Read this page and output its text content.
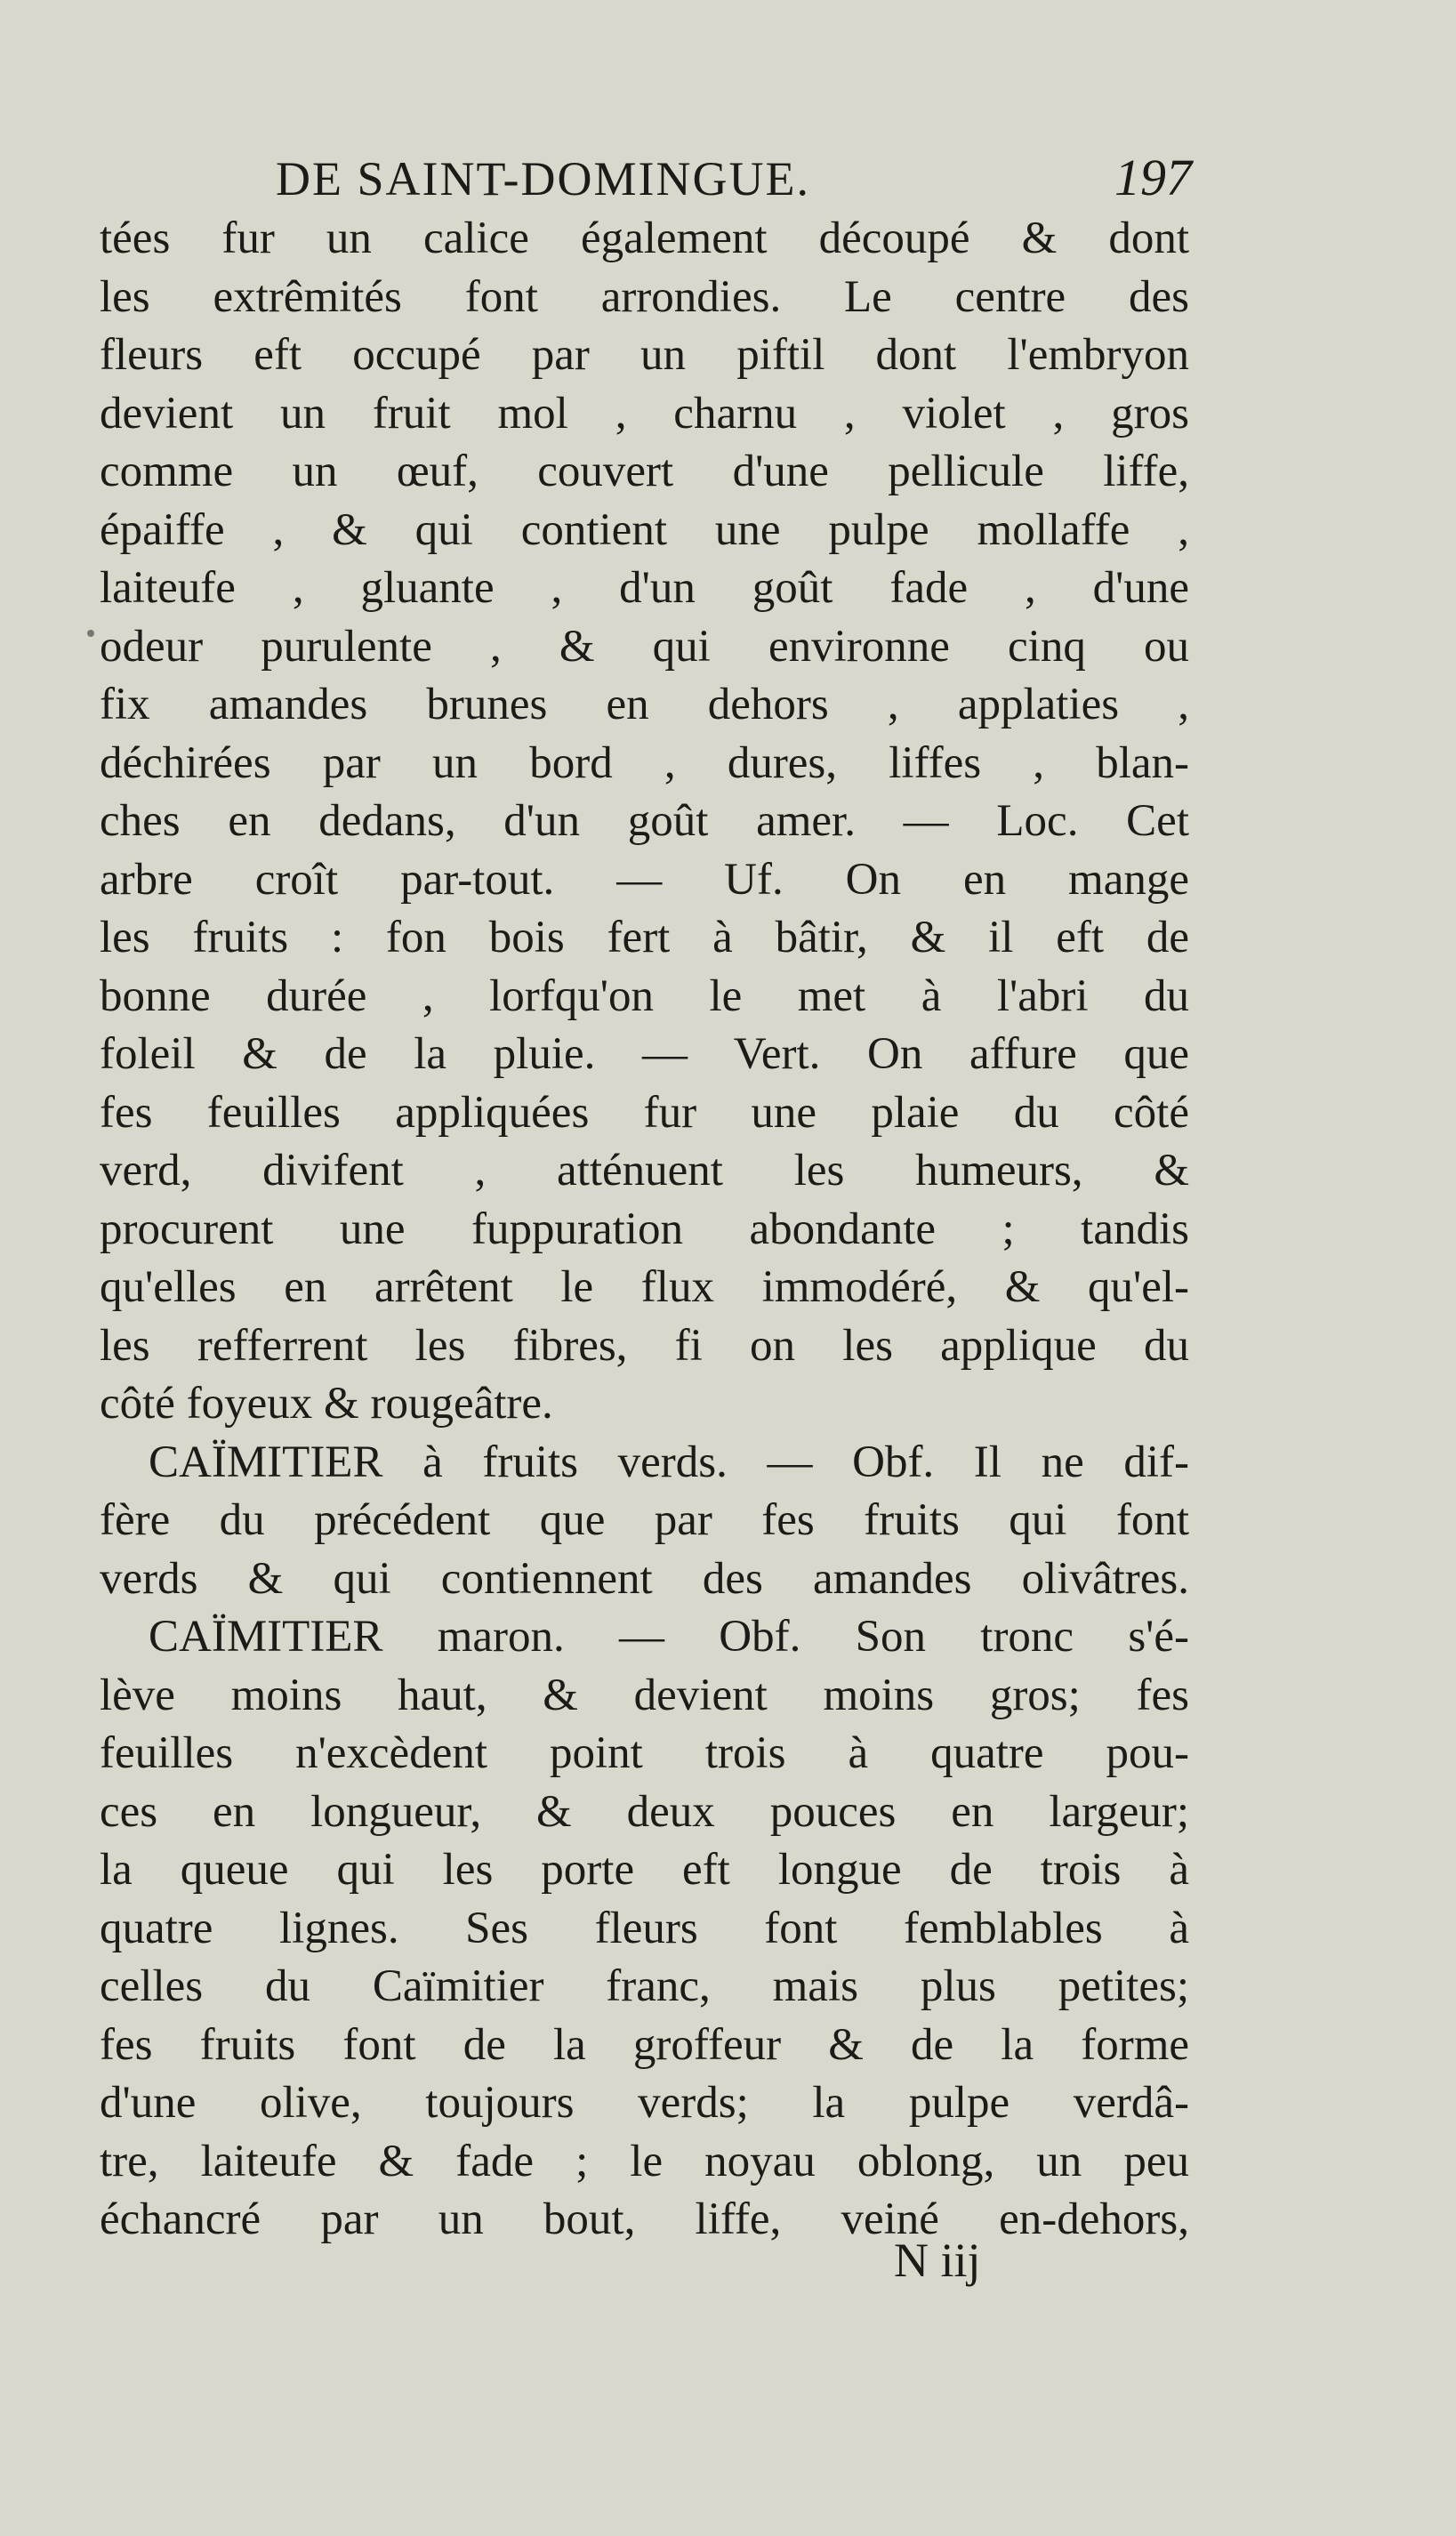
DE SAINT-DOMINGUE.	197
tées fur un calice également découpé & dont
les extrêmités font arrondies. Le centre des
fleurs eft occupé par un piftil dont l'embryon
devient un fruit mol , charnu , violet , gros
comme un œuf, couvert d'une pellicule liffe,
épaiffe , & qui contient une pulpe mollaffe ,
laiteufe , gluante , d'un goût fade , d'une
odeur purulente , & qui environne cinq ou
fix amandes brunes en dehors , applaties ,
déchirées par un bord , dures, liffes , blan-
ches en dedans, d'un goût amer. — Loc. Cet
arbre croît par-tout. — Uf. On en mange
les fruits : fon bois fert à bâtir, & il eft de
bonne durée , lorfqu'on le met à l'abri du
foleil & de la pluie. — Vert. On affure que
fes feuilles appliquées fur une plaie du côté
verd, divifent , atténuent les humeurs, &
procurent une fuppuration abondante ; tandis
qu'elles en arrêtent le flux immodéré, & qu'el-
les refferrent les fibres, fi on les applique du
côté foyeux & rougeâtre.
CAÏMITIER à fruits verds. — Obf. Il ne dif-
fère du précédent que par fes fruits qui font
verds & qui contiennent des amandes olivâtres.
CAÏMITIER maron. — Obf. Son tronc s'é-
lève moins haut, & devient moins gros; fes
feuilles n'excèdent point trois à quatre pou-
ces en longueur, & deux pouces en largeur;
la queue qui les porte eft longue de trois à
quatre lignes. Ses fleurs font femblables à
celles du Caïmitier franc, mais plus petites;
fes fruits font de la groffeur & de la forme
d'une olive, toujours verds; la pulpe verdâ-
tre, laiteufe & fade ; le noyau oblong, un peu
échancré par un bout, liffe, veiné en-dehors,
N iij
